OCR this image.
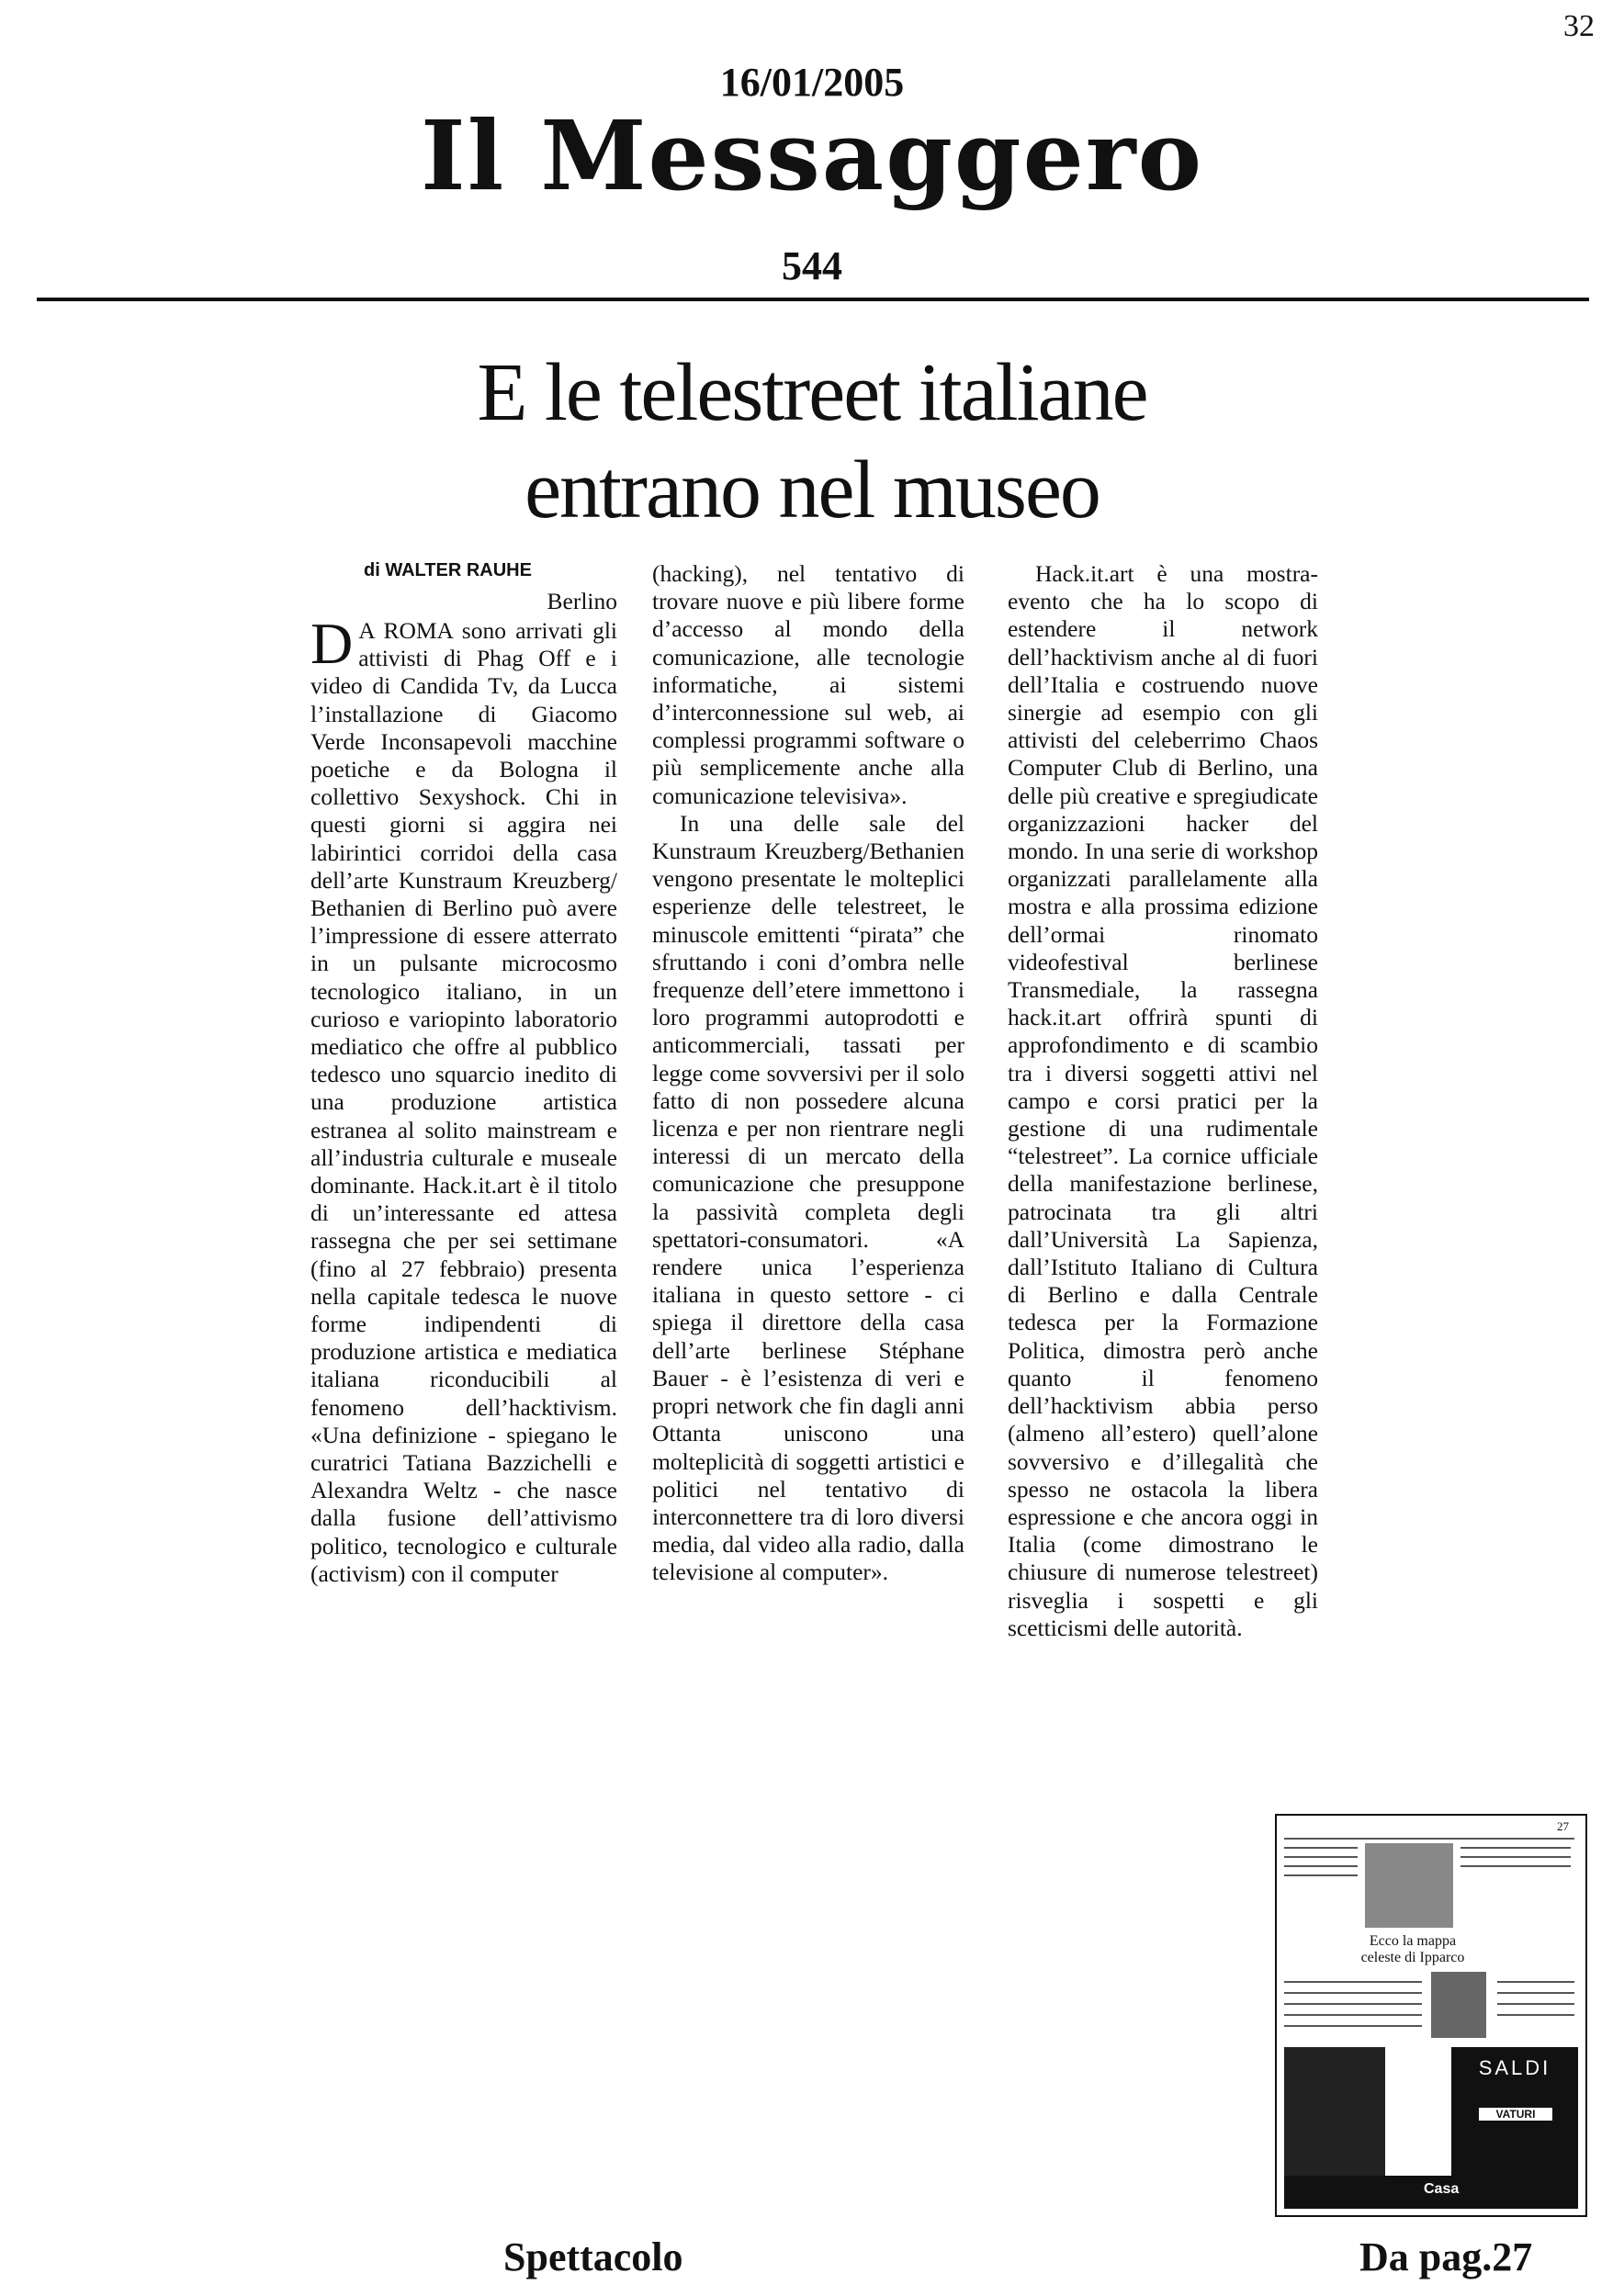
32
16/01/2005
Il Messaggero
544
E le telestreet italiane
entrano nel museo
di WALTER RAUHE
Berlino

D A ROMA sono arrivati gli attivisti di Phag Off e i video di Candida Tv, da Lucca l’installazione di Giacomo Verde Inconsapevoli macchine poetiche e da Bologna il collettivo Sexyshock. Chi in questi giorni si aggira nei labirintici corridoi della casa dell’arte Kunstraum Kreuzberg/ Bethanien di Berlino può avere l’impressione di essere atterrato in un pulsante microcosmo tecnologico italiano, in un curioso e variopinto laboratorio mediatico che offre al pubblico tedesco uno squarcio inedito di una produzione artistica estranea al solito mainstream e all’industria culturale e museale dominante. Hack.it.art è il titolo di un’interessante ed attesa rassegna che per sei settimane (fino al 27 febbraio) presenta nella capitale tedesca le nuove forme indipendenti di produzione artistica e mediatica italiana riconducibili al fenomeno dell’hacktivism. «Una definizione - spiegano le curatrici Tatiana Bazzichelli e Alexandra Weltz - che nasce dalla fusione dell’attivismo politico, tecnologico e culturale (activism) con il computer

(hacking), nel tentativo di trovare nuove e più libere forme d’accesso al mondo della comunicazione, alle tecnologie informatiche, ai sistemi d’interconnessione sul web, ai complessi programmi software o più semplicemente anche alla comunicazione televisiva».

In una delle sale del Kunstraum Kreuzberg/Bethanien vengono presentate le molteplici esperienze delle telestreet, le minuscole emittenti “pirata” che sfruttando i coni d’ombra nelle frequenze dell’etere immettono i loro programmi autoprodotti e anticommerciali, tassati per legge come sovversivi per il solo fatto di non possedere alcuna licenza e per non rientrare negli interessi di un mercato della comunicazione che presuppone la passività completa degli spettatori-consumatori. «A rendere unica l’esperienza italiana in questo settore - ci spiega il direttore della casa dell’arte berlinese Stéphane Bauer - è l’esistenza di veri e propri network che fin dagli anni Ottanta uniscono una molteplicità di soggetti artistici e politici nel tentativo di interconnettere tra di loro diversi media, dal video alla radio, dalla televisione al computer».

Hack.it.art è una mostra-evento che ha lo scopo di estendere il network dell’hacktivism anche al di fuori dell’Italia e costruendo nuove sinergie ad esempio con gli attivisti del celeberrimo Chaos Computer Club di Berlino, una delle più creative e spregiudicate organizzazioni hacker del mondo. In una serie di workshop organizzati parallelamente alla mostra e alla prossima edizione dell’ormai rinomato videofestival berlinese Transmediale, la rassegna hack.it.art offrirà spunti di approfondimento e di scambio tra i diversi soggetti attivi nel campo e corsi pratici per la gestione di una rudimentale “telestreet”. La cornice ufficiale della manifestazione berlinese, patrocinata tra gli altri dall’Università La Sapienza, dall’Istituto Italiano di Cultura di Berlino e dalla Centrale tedesca per la Formazione Politica, dimostra però anche quanto il fenomeno dell’hacktivism abbia perso (almeno all’estero) quell’alone sovversivo e d’illegalità che spesso ne ostacola la libera espressione e che ancora oggi in Italia (come dimostrano le chiusure di numerose telestreet) risveglia i sospetti e gli scetticismi delle autorità.

27
Ecco la mappa celeste di Ipparco
SALDI
VATURI
Casa
Spettacolo	Da pag.27
